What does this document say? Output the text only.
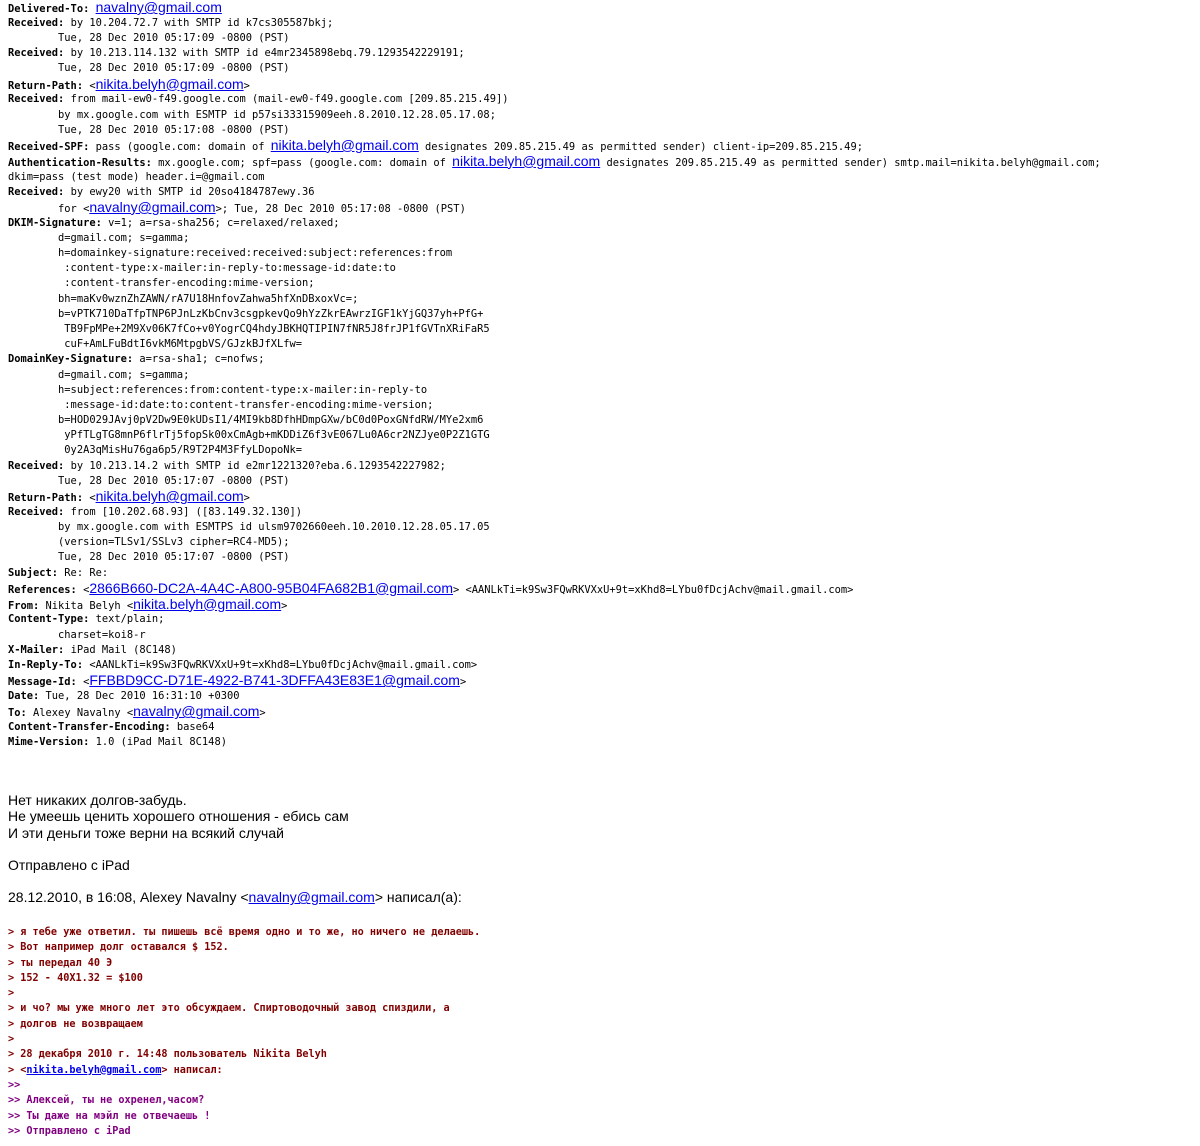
Delivered-To: navalny@gmail.com
Received: by 10.204.72.7 with SMTP id k7cs305587bkj;
Tue, 28 Dec 2010 05:17:09 -0800 (PST)
Received: by 10.213.114.132 with SMTP id e4mr2345898ebq.79.1293542229191;
Tue, 28 Dec 2010 05:17:09 -0800 (PST)
Return-Path: <nikita.belyh@gmail.com>
Received: from mail-ew0-f49.google.com (mail-ew0-f49.google.com [209.85.215.49])
by mx.google.com with ESMTP id p57si33315909eeh.8.2010.12.28.05.17.08;
Tue, 28 Dec 2010 05:17:08 -0800 (PST)
Received-SPF: pass (google.com: domain of nikita.belyh@gmail.com designates 209.85.215.49 as permitted sender) client-ip=209.85.215.49;
Authentication-Results: mx.google.com; spf=pass (google.com: domain of nikita.belyh@gmail.com designates 209.85.215.49 as permitted sender) smtp.mail=nikita.belyh@gmail.com;
dkim=pass (test mode) header.i=@gmail.com
Received: by ewy20 with SMTP id 20so4184787ewy.36
for <navalny@gmail.com>; Tue, 28 Dec 2010 05:17:08 -0800 (PST)
DKIM-Signature: v=1; a=rsa-sha256; c=relaxed/relaxed;
d=gmail.com; s=gamma;
h=domainkey-signature:received:received:subject:references:from
:content-type:x-mailer:in-reply-to:message-id:date:to
:content-transfer-encoding:mime-version;
bh=maKv0wznZhZAWN/rA7U18HnfovZahwa5hfXnDBxoxVc=;
b=vPTK710DaTfpTNP6PJnLzKbCnv3csgpkevQo9hYzZkrEAwrzIGF1kYjGQ37yh+PfG+
TB9FpMPe+2M9Xv06K7fCo+v0YogrCQ4hdyJBKHQTIPIN7fNR5J8frJP1fGVTnXRiFaR5
cuF+AmLFuBdtI6vkM6MtpgbVS/GJzkBJfXLfw=
DomainKey-Signature: a=rsa-sha1; c=nofws;
d=gmail.com; s=gamma;
h=subject:references:from:content-type:x-mailer:in-reply-to
:message-id:date:to:content-transfer-encoding:mime-version;
b=HOD029JAvj0pV2Dw9E0kUDsI1/4MI9kb8DfhHDmpGXw/bC0d0PoxGNfdRW/MYe2xm6
yPfTLgTG8mnP6flrTj5fopSk00xCmAgb+mKDDiZ6f3vE067Lu0A6cr2NZJye0P2Z1GTG
0y2A3qMisHu76ga6p5/R9T2P4M3FfyLDopoNk=
Received: by 10.213.14.2 with SMTP id e2mr1221320?eba.6.1293542227982;
Tue, 28 Dec 2010 05:17:07 -0800 (PST)
Return-Path: <nikita.belyh@gmail.com>
Received: from [10.202.68.93] ([83.149.32.130])
by mx.google.com with ESMTPS id ulsm9702660eeh.10.2010.12.28.05.17.05
(version=TLSv1/SSLv3 cipher=RC4-MD5);
Tue, 28 Dec 2010 05:17:07 -0800 (PST)
Subject: Re: Re:
References: <2866B660-DC2A-4A4C-A800-95B04FA682B1@gmail.com> <AANLkTi=k9Sw3FQwRKVXxU+9t=xKhd8=LYbu0fDcjAchv@mail.gmail.com>
From: Nikita Belyh <nikita.belyh@gmail.com>
Content-Type: text/plain;
charset=koi8-r
X-Mailer: iPad Mail (8C148)
In-Reply-To: <AANLkTi=k9Sw3FQwRKVXxU+9t=xKhd8=LYbu0fDcjAchv@mail.gmail.com>
Message-Id: <FFBBD9CC-D71E-4922-B741-3DFFA43E83E1@gmail.com>
Date: Tue, 28 Dec 2010 16:31:10 +0300
To: Alexey Navalny <navalny@gmail.com>
Content-Transfer-Encoding: base64
Mime-Version: 1.0 (iPad Mail 8C148)
Нет никаких долгов-забудь.
Не умеешь ценить хорошего отношения - ебись сам
И эти деньги тоже верни на всякий случай
Отправлено с iPad
28.12.2010, в 16:08, Alexey Navalny <navalny@gmail.com> написал(а):
> я тебе уже ответил. ты пишешь всё время одно и то же, но ничего не делаешь.
> Вот например долг оставался $ 152.
> ты передал 40 Э
> 152 - 40X1.32 = $100
>
> и чо? мы уже много лет это обсуждаем. Спиртоводочный завод спиздили, а
> долгов не возвращаем
>
> 28 декабря 2010 г. 14:48 пользователь Nikita Belyh
> <nikita.belyh@gmail.com> написал:
>>
>> Алексей, ты не охренел,часом?
>> Ты даже на мэйл не отвечаешь !
>> Отправлено с iPad
